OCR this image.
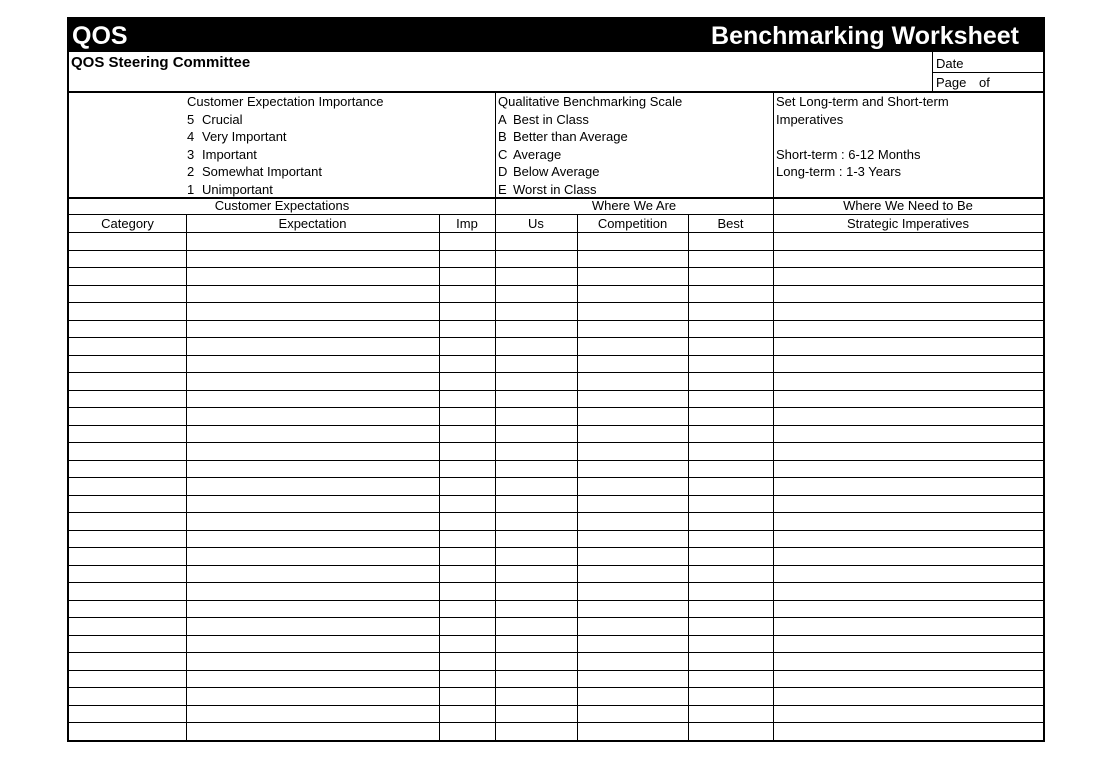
QOS	Benchmarking Worksheet
QOS Steering Committee	Date
Page of
Customer Expectation Importance
5 Crucial
4 Very Important
3 Important
2 Somewhat Important
1 Unimportant
Qualitative Benchmarking Scale
A Best in Class
B Better than Average
C Average
D Below Average
E Worst in Class
Set Long-term and Short-term
Imperatives
Short-term : 6-12 Months
Long-term : 1-3 Years
Customer Expectations	Where We Are	Where We Need to Be
Category	Expectation	Imp	Us	Competition	Best	Strategic Imperatives
